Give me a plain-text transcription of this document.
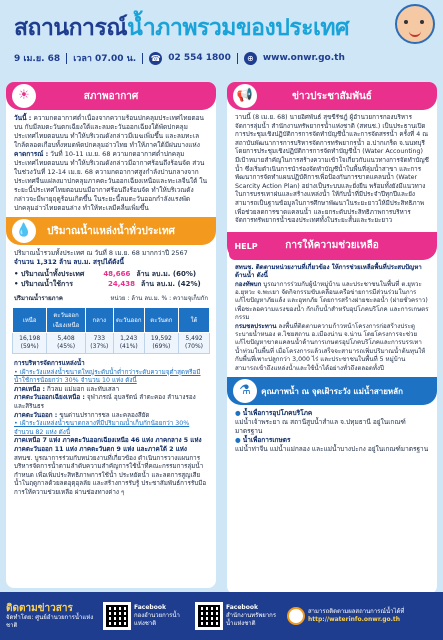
สถานการณ์น้ำภาพรวมของประเทศ
9 เม.ย. 68 เวลา 07.00 น. ☎ 02 554 1800	⊕	www.onwr.go.th
☀	สภาพอากาศ
วันนี้ : ความกดอากาศต่ำเนื่องจากความร้อนปกคลุมประเทศไทยตอนบน กับมีลมตะวันตกเฉียงใต้และลมตะวันออกเฉียงใต้พัดปกคลุมประเทศไทยตอนบน ทำให้บริเวณดังกล่าวมีเมฆเพิ่มขึ้น และลมทะเลใกล้ตลอดเกือบทั้งหมดพัดปกคลุมอ่าวไทย ทำให้ภาคใต้มีฝนบางแห่ง
คาดการณ์ : วันที่ 10-11 เม.ย. 68 ความกดอากาศต่ำปกคลุมประเทศไทยตอนบน ทำให้บริเวณดังกล่าวมีอากาศร้อนถึงร้อนจัด ส่วนในช่วงวันที่ 12-14 เม.ย. 68 ความกดอากาศสูงกำลังปานกลางจากประเทศจีนแผ่ลงมาปกคลุมภาคตะวันออกเฉียงเหนือและทะเลจีนใต้ ในระยะนี้ประเทศไทยตอนบนมีอากาศร้อนถึงร้อนจัด ทำให้บริเวณดังกล่าวจะมีพายุฤดูร้อนเกิดขึ้น ในระยะนี้ลมตะวันออกกำลังแรงพัดปกคลุมอ่าวไทยตอนล่าง ทำให้ทะเลมีคลื่นเพิ่มขึ้น
💧	ปริมาณน้ำแหล่งน้ำทั่วประเทศ
ปริมาณน้ำรวมทั้งประเทศ ณ วันที่ 8 เม.ย. 68 มากกว่าปี 2567
จำนวน 1,312 ล้าน ลบ.ม. สรุปได้ดังนี้
• ปริมาณน้ำทั้งประเทศ	48,666 ล้าน ลบ.ม. (60%)
• ปริมาณน้ำใช้การ	24,438 ล้าน ลบ.ม. (42%)
ปริมาณน้ำรายภาค	หน่วย : ล้าน ลบ.ม. % : ความจุเก็บกัก
เหนือ	ตะวันออกเฉียงเหนือ	กลาง	ตะวันออก	ตะวันตก	ใต้
16,198 (59%)	5,408 (45%)	733 (37%)	1,243 (41%)	19,592 (69%)	5,492 (70%)
การบริหารจัดการแหล่งน้ำ
• เฝ้าระวังแหล่งน้ำขนาดใหญ่ระดับน้ำต่ำกว่าระดับความจุต่ำสุดหรือมีน้ำใช้การน้อยกว่า 30% จำนวน 10 แห่ง ดังนี้
ภาคเหนือ : กิ่วลม แม่มอก และทับเสลา
ภาคตะวันออกเฉียงเหนือ : จุฬาภรณ์ อุบลรัตน์ ลำตะคอง ลำนางรอง และสิรินธร
ภาคตะวันออก : ขุนด่านปราการชล และคลองสียัด
• เฝ้าระวังแหล่งน้ำขนาดกลางที่มีปริมาณน้ำเก็บกักน้อยกว่า 30% จำนวน 82 แห่ง ดังนี้
ภาคเหนือ 7 แห่ง ภาคตะวันออกเฉียงเหนือ 46 แห่ง ภาคกลาง 5 แห่ง ภาคตะวันออก 11 แห่ง ภาคตะวันตก 9 แห่ง และภาคใต้ 2 แห่ง
สทนช. บูรณาการร่วมกับหน่วยงานที่เกี่ยวข้อง ดำเนินการวางแผนการบริหารจัดการน้ำตามลำดับความสำคัญการใช้น้ำที่คณะกรรมการลุ่มน้ำกำหนด เพื่อเพิ่มประสิทธิภาพการใช้น้ำ ประหยัดน้ำ และลดการสูญเสียน้ำในฤดูกาลด้วยลดอุตุอุลลัย และสร้างการรับรู้ ประชาสัมพันธ์การรับมือ การให้ความช่วยเหลือ ผ่านช่องทางต่าง ๆ
📢	ข่าวประชาสัมพันธ์
วานนี้ (8 เม.ย. 68) นายอิศพันธ์ สุขขีรัชฎ์ ผู้อำนวยการกองบริหารจัดการลุ่มน้ำ สำนักงานทรัพยากรน้ำแห่งชาติ (สทนช.) เป็นประธานเปิดการประชุมเชิงปฏิบัติการการจัดทำบัญชีน้ำและการจัดสรรน้ำ ครั้งที่ 4 ณ สถาบันพัฒนาการการบริหารจัดการทรัพยากรน้ำ อ.ปากเกร็ด จ.นนทบุรี
โดยการประชุมเชิงปฏิบัติการการจัดทำบัญชีน้ำ (Water Accounting) มีเป้าหมายสำคัญในการสร้างความเข้าใจเกี่ยวกับแนวทางการจัดทำบัญชีน้ำ ซึ่งเริ่มดำเนินการนำร่องจัดทำบัญชีน้ำในพื้นที่ลุ่มน้ำสาขา และการพัฒนาการจัดทำแผนปฏิบัติการเพื่อป้องกันการขาดแคลนน้ำ (Water Scarcity Action Plan) อย่างเป็นระบบและยั่งยืน พร้อมทั้งยังมีแนวทางในการบรรเทาฝนและสร้างแหล่งน้ำ ให้กับน้ำที่มีประจำปีทุกปีและยังสามารถเป็นฐานข้อมูลในการศึกษาพัฒนาในระยะยาวให้มีประสิทธิภาพ เพื่อช่วยลดการขาดแคลนน้ำ และยกระดับประสิทธิภาพการบริหารจัดการทรัพยากรน้ำของประเทศทั้งในระยะสั้นและระยะยาว
HELP	การให้ความช่วยเหลือ
สทนช. ติดตามหน่วยงานที่เกี่ยวข้อง ให้การช่วยเหลือพื้นที่ประสบปัญหาด้านน้ำ ดังนี้
กองทัพบก บูรณาการร่วมกับผู้นำหมู่บ้าน และประชาชนในพื้นที่ ต.ยุหวะ อ.ยุหวะ จ.พะเยา จัดกิจกรรมขับเคลื่อนเครือข่ายการมีส่วนร่วมในการแก้ไขปัญหาภัยแล้ง และอุทกภัย โดยการสร้างฝายชะลอน้ำ (ฝายชั่วคราว) เพื่อชะลอความแรงของน้ำ กักเก็บน้ำสำหรับอุปโภคบริโภค และการเกษตรกรรม
กรมชลประทาน ลงพื้นที่ติดตามความก้าวหน้าโครงการก่อสร้างประตูระบายน้ำหนอง ต.ไชยสถาน อ.เมืองน่าน จ.น่าน โดยโครงการจะช่วยแก้ไขปัญหาขาดแคลนน้ำด้านการเกษตรอุปโภคบริโภคและการบรรเทาน้ำท่วมในพื้นที่ เมื่อโครงการแล้วเสร็จจะสามารถเพิ่มปริมาณน้ำต้นทุนให้กับพื้นที่เพาะปลูกกว่า 3,000 ไร่ และประชาชนในพื้นที่ 5 หมู่บ้าน สามารถเข้าถึงแหล่งน้ำและใช้น้ำได้อย่างทั่วถึงตลอดทั้งปี
⚗	คุณภาพน้ำ ณ จุดเฝ้าระวัง แม่น้ำสายหลัก
● น้ำเพื่อการอุปโภคบริโภค
แม่น้ำเจ้าพระยา ณ สถานีสูบน้ำสำแล จ.ปทุมธานี อยู่ในเกณฑ์มาตรฐาน
● น้ำเพื่อการเกษตร
แม่น้ำท่าจีน แม่น้ำแม่กลอง และแม่น้ำบางปะกง อยู่ในเกณฑ์มาตรฐาน
ติดตามข่าวสาร
จัดทำโดย: ศูนย์อำนวยการน้ำแห่งชาติ
Facebook
กองอำนวยการน้ำแห่งชาติ
Facebook
สำนักงานทรัพยากรน้ำแห่งชาติ
สามารถติดตามผลสถานการณ์น้ำได้ที่
http://waterinfo.onwr.go.th
